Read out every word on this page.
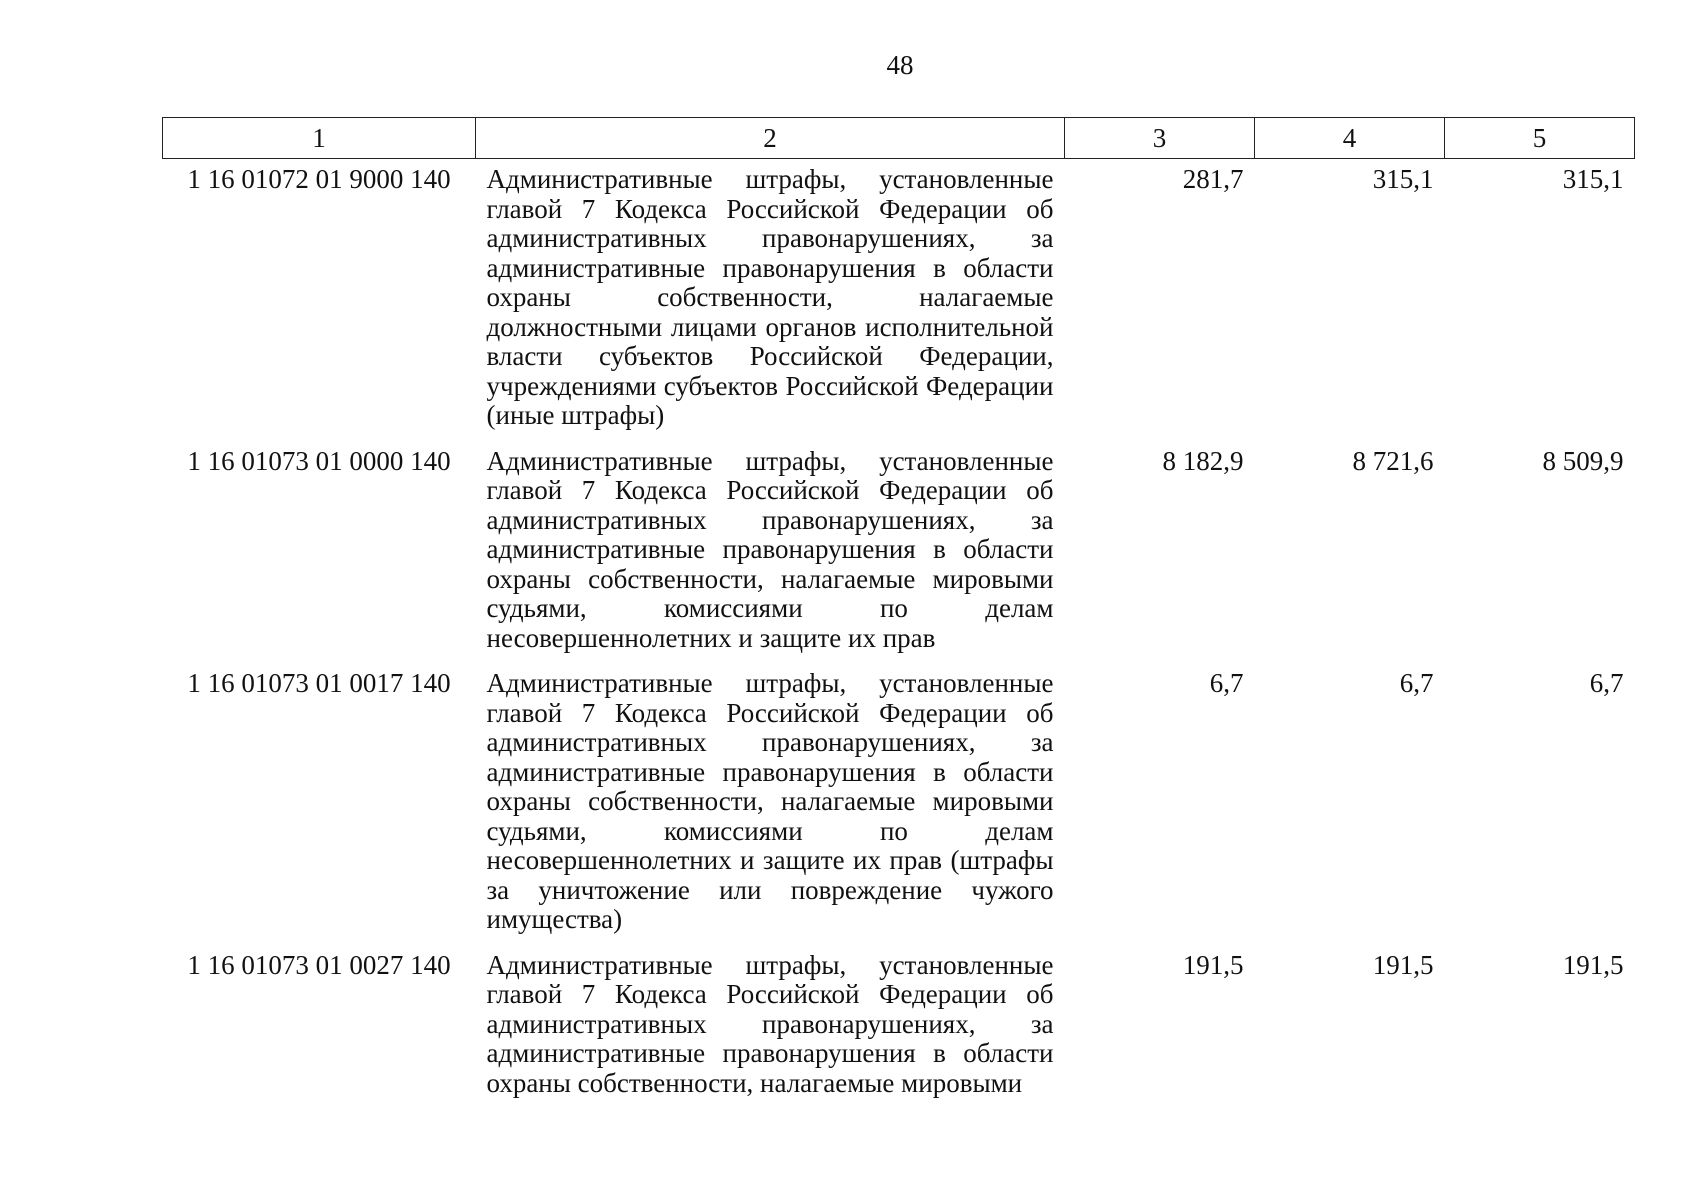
48
1	2	3	4	5
1 16 01072 01 9000 140	Административные штрафы, установленные главой 7 Кодекса Российской Федерации об административных правонарушениях, за административные правонарушения в области охраны собственности, налагаемые должностными лицами органов исполнительной власти субъектов Российской Федерации, учреждениями субъектов Российской Федерации (иные штрафы)	281,7	315,1	315,1
1 16 01073 01 0000 140	Административные штрафы, установленные главой 7 Кодекса Российской Федерации об административных правонарушениях, за административные правонарушения в области охраны собственности, налагаемые мировыми судьями, комиссиями по делам несовершеннолетних и защите их прав	8 182,9	8 721,6	8 509,9
1 16 01073 01 0017 140	Административные штрафы, установленные главой 7 Кодекса Российской Федерации об административных правонарушениях, за административные правонарушения в области охраны собственности, налагаемые мировыми судьями, комиссиями по делам несовершеннолетних и защите их прав (штрафы за уничтожение или повреждение чужого имущества)	6,7	6,7	6,7
1 16 01073 01 0027 140	Административные штрафы, установленные главой 7 Кодекса Российской Федерации об административных правонарушениях, за административные правонарушения в области охраны собственности, налагаемые мировыми	191,5	191,5	191,5
